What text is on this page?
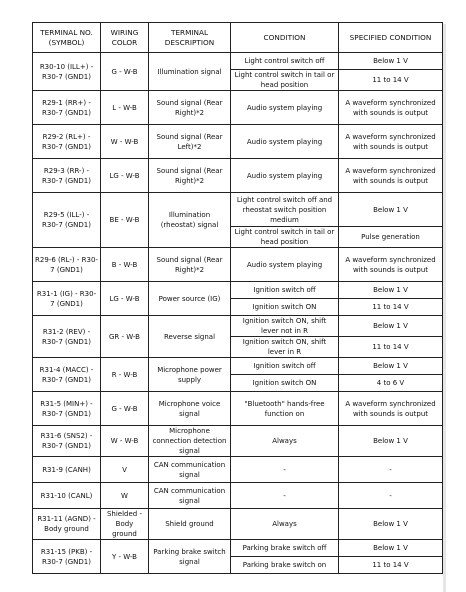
TERMINAL NO. (SYMBOL)	WIRING COLOR	TERMINAL DESCRIPTION	CONDITION	SPECIFIED CONDITION
R30-10 (ILL+) - R30-7 (GND1)	G - W-B	Illumination signal	Light control switch off	Below 1 V
			Light control switch in tail or head position	11 to 14 V
R29-1 (RR+) - R30-7 (GND1)	L - W-B	Sound signal (Rear Right)*2	Audio system playing	A waveform synchronized with sounds is output
R29-2 (RL+) - R30-7 (GND1)	W - W-B	Sound signal (Rear Left)*2	Audio system playing	A waveform synchronized with sounds is output
R29-3 (RR-) - R30-7 (GND1)	LG - W-B	Sound signal (Rear Right)*2	Audio system playing	A waveform synchronized with sounds is output
R29-5 (ILL-) - R30-7 (GND1)	BE - W-B	Illumination (rheostat) signal	Light control switch off and rheostat switch position medium	Below 1 V
			Light control switch in tail or head position	Pulse generation
R29-6 (RL-) - R30-7 (GND1)	B - W-B	Sound signal (Rear Right)*2	Audio system playing	A waveform synchronized with sounds is output
R31-1 (IG) - R30-7 (GND1)	LG - W-B	Power source (IG)	Ignition switch off	Below 1 V
			Ignition switch ON	11 to 14 V
R31-2 (REV) - R30-7 (GND1)	GR - W-B	Reverse signal	Ignition switch ON, shift lever not in R	Below 1 V
			Ignition switch ON, shift lever in R	11 to 14 V
R31-4 (MACC) - R30-7 (GND1)	R - W-B	Microphone power supply	Ignition switch off	Below 1 V
			Ignition switch ON	4 to 6 V
R31-5 (MIN+) - R30-7 (GND1)	G - W-B	Microphone voice signal	"Bluetooth" hands-free function on	A waveform synchronized with sounds is output
R31-6 (SNS2) - R30-7 (GND1)	W - W-B	Microphone connection detection signal	Always	Below 1 V
R31-9 (CANH)	V	CAN communication signal	-	-
R31-10 (CANL)	W	CAN communication signal	-	-
R31-11 (AGND) - Body ground	Shielded - Body ground	Shield ground	Always	Below 1 V
R31-15 (PKB) - R30-7 (GND1)	Y - W-B	Parking brake switch signal	Parking brake switch off	Below 1 V
			Parking brake switch on	11 to 14 V
